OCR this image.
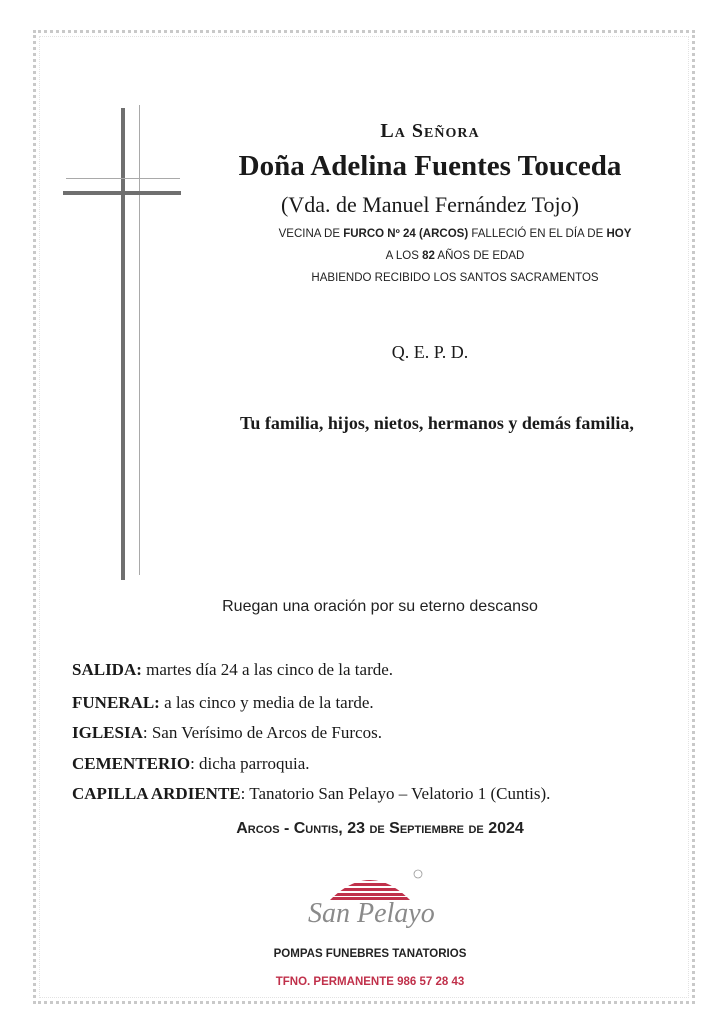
La Señora
Doña Adelina Fuentes Touceda
(Vda. de Manuel Fernández Tojo)
VECINA DE FURCO Nº 24 (ARCOS) FALLECIÓ EN EL DÍA DE HOY
A LOS 82 AÑOS DE EDAD
HABIENDO RECIBIDO LOS SANTOS SACRAMENTOS
Q. E. P. D.
Tu familia, hijos, nietos, hermanos y demás familia,
Ruegan una oración por su eterno descanso
SALIDA: martes día 24 a las cinco de la tarde.
FUNERAL: a las cinco y media de la tarde.
IGLESIA: San Verísimo de Arcos de Furcos.
CEMENTERIO: dicha parroquia.
CAPILLA ARDIENTE: Tanatorio San Pelayo – Velatorio 1 (Cuntis).
Arcos - Cuntis, 23 de Septiembre de 2024
San Pelayo
POMPAS FUNEBRES TANATORIOS
TFNO. PERMANENTE 986 57 28 43
